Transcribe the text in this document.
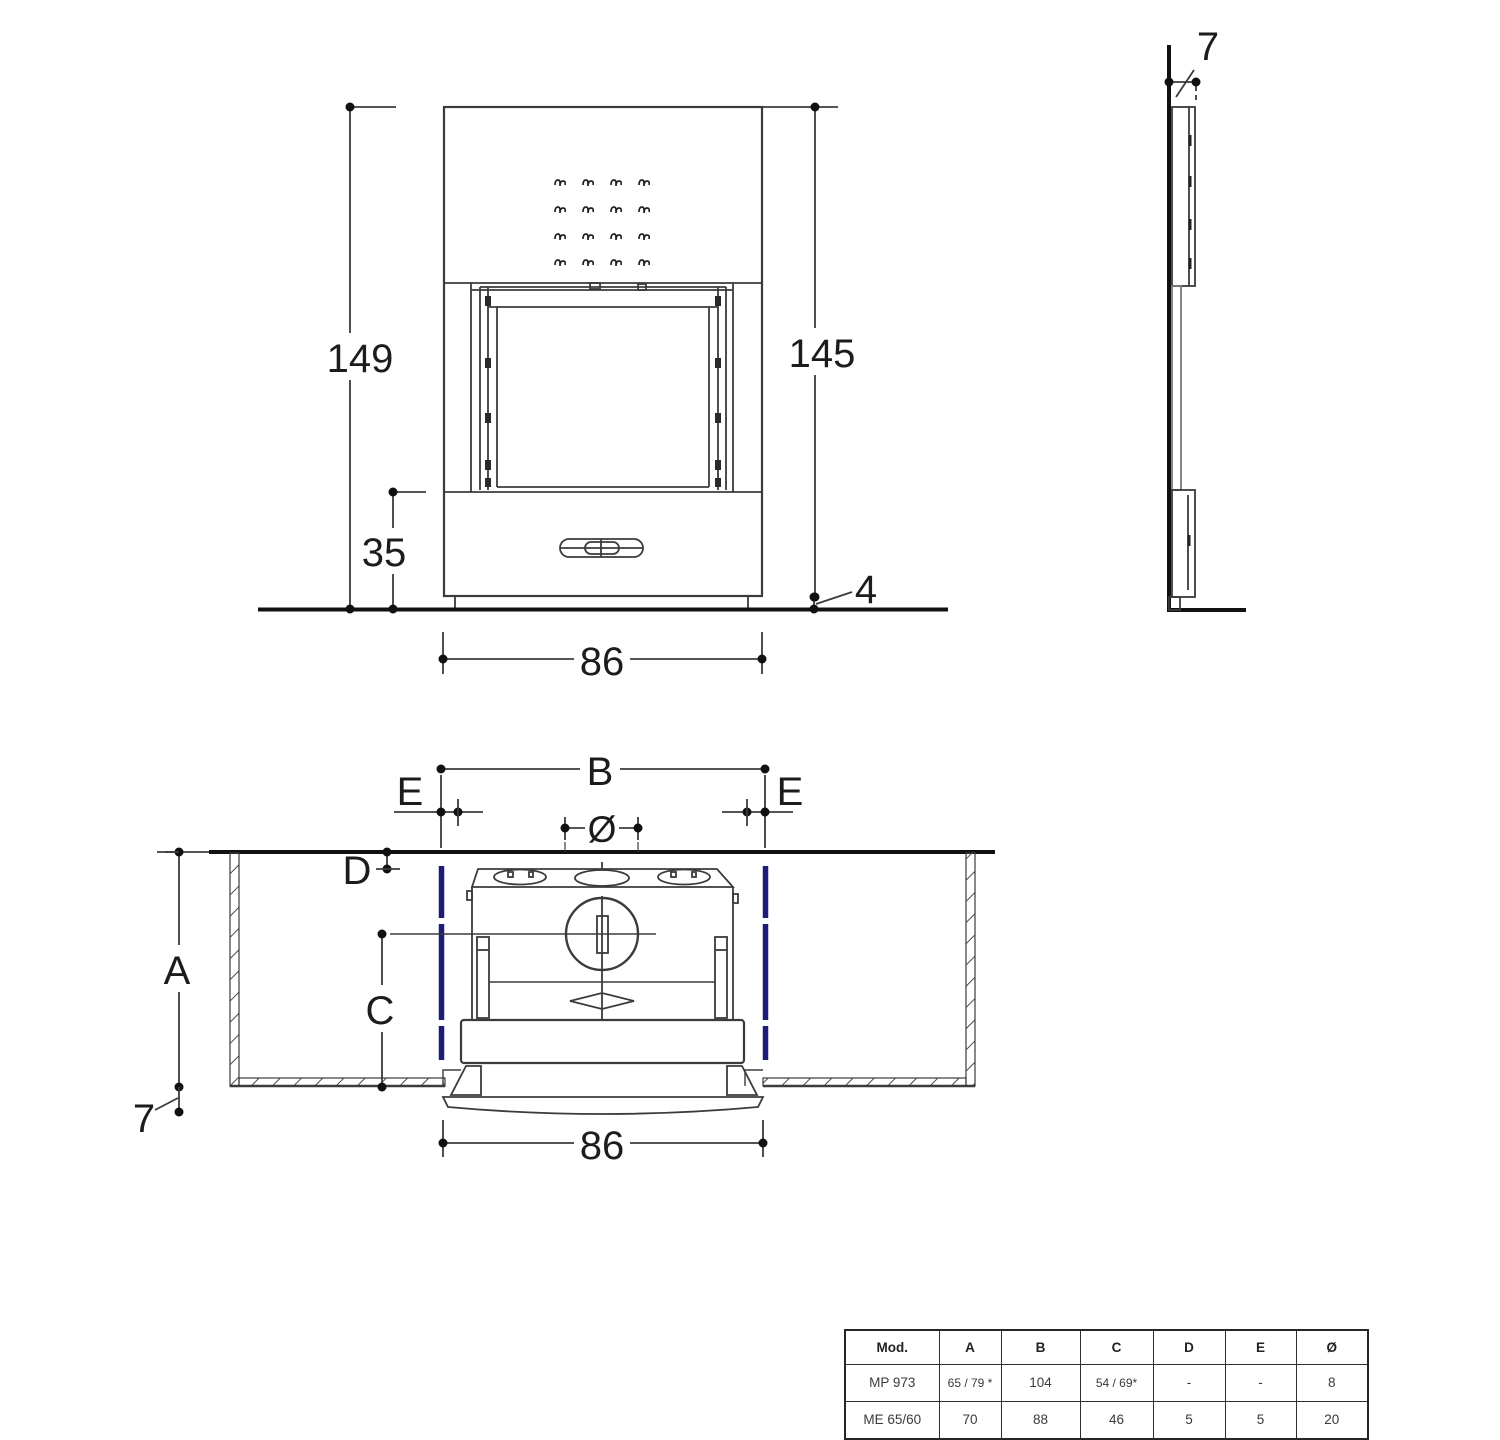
149	145
35
86
4
7
B
E	E
Ø
D
A
7
C
86
Mod.	A	B	C	D	E	Ø
MP 973	65 / 79 *	104	54 / 69*	-	-	8
ME 65/60	70	88	46	5	5	20
